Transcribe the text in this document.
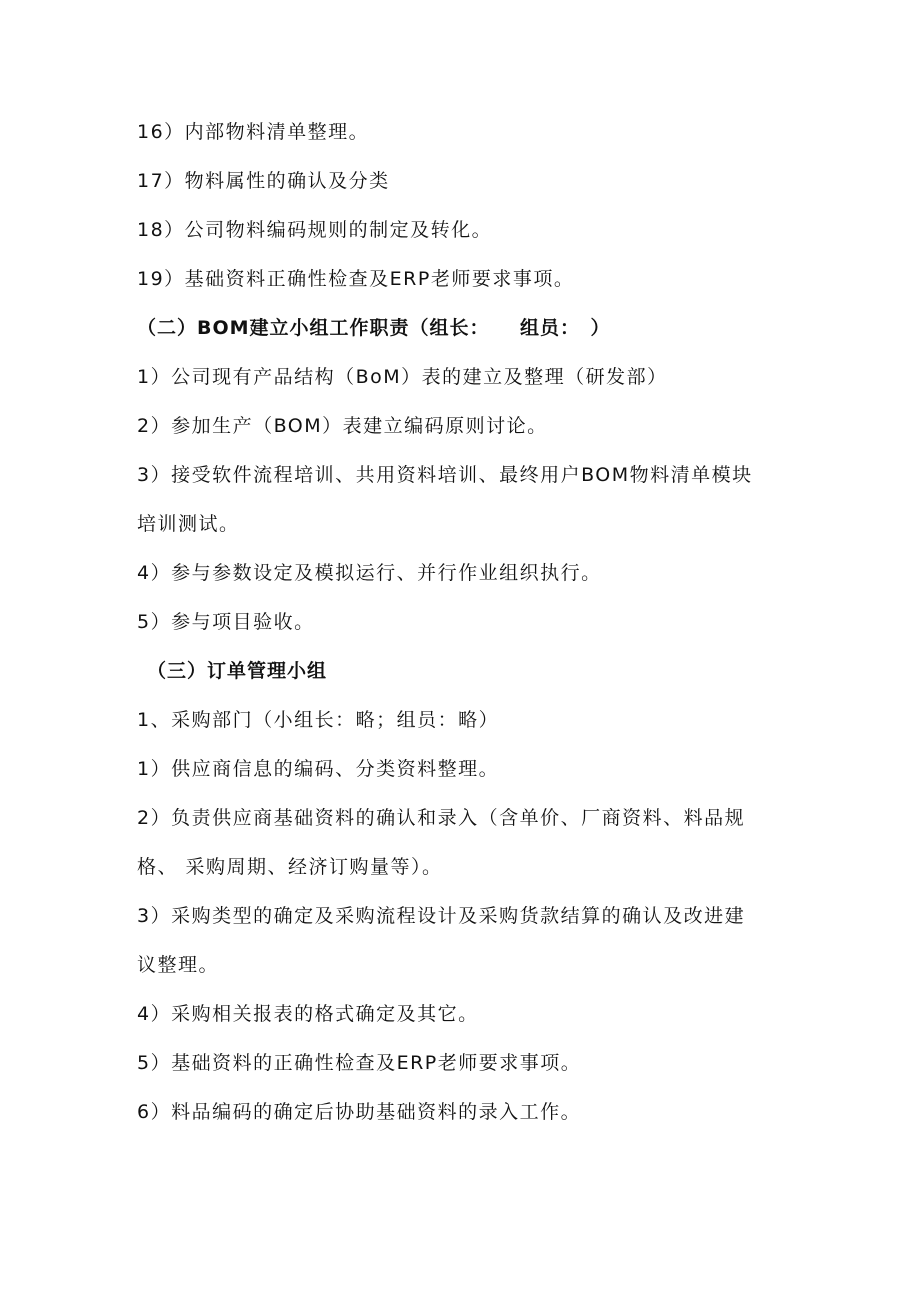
16）内部物料清单整理。
17）物料属性的确认及分类
18）公司物料编码规则的制定及转化。
19）基础资料正确性检查及ERP老师要求事项。
（二）BOM建立小组工作职责（组长：　　组员：　）
1）公司现有产品结构（BoM）表的建立及整理（研发部）
2）参加生产（BOM）表建立编码原则讨论。
3）接受软件流程培训、共用资料培训、最终用户BOM物料清单模块
培训测试。
4）参与参数设定及模拟运行、并行作业组织执行。
5）参与项目验收。
（三）订单管理小组
1、采购部门（小组长：略；组员：略）
1）供应商信息的编码、分类资料整理。
2）负责供应商基础资料的确认和录入（含单价、厂商资料、料品规
格、 采购周期、经济订购量等）。
3）采购类型的确定及采购流程设计及采购货款结算的确认及改进建
议整理。
4）采购相关报表的格式确定及其它。
5）基础资料的正确性检查及ERP老师要求事项。
6）料品编码的确定后协助基础资料的录入工作。
